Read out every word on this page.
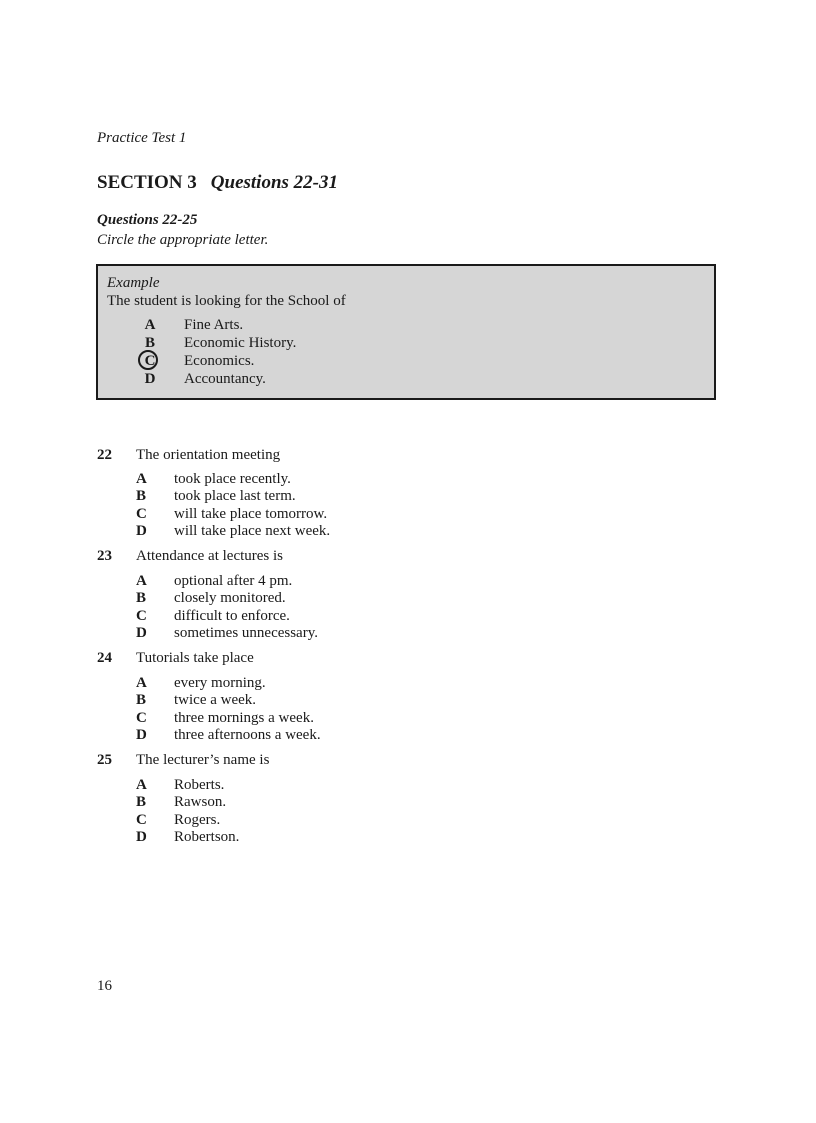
Practice Test 1
SECTION 3 Questions 22-31
Questions 22-25
Circle the appropriate letter.
Example
The student is looking for the School of
A Fine Arts.
B Economic History.
C Economics.
D Accountancy.
22 The orientation meeting
A took place recently.
B took place last term.
C will take place tomorrow.
D will take place next week.
23 Attendance at lectures is
A optional after 4 pm.
B closely monitored.
C difficult to enforce.
D sometimes unnecessary.
24 Tutorials take place
A every morning.
B twice a week.
C three mornings a week.
D three afternoons a week.
25 The lecturer’s name is
A Roberts.
B Rawson.
C Rogers.
D Robertson.
16
